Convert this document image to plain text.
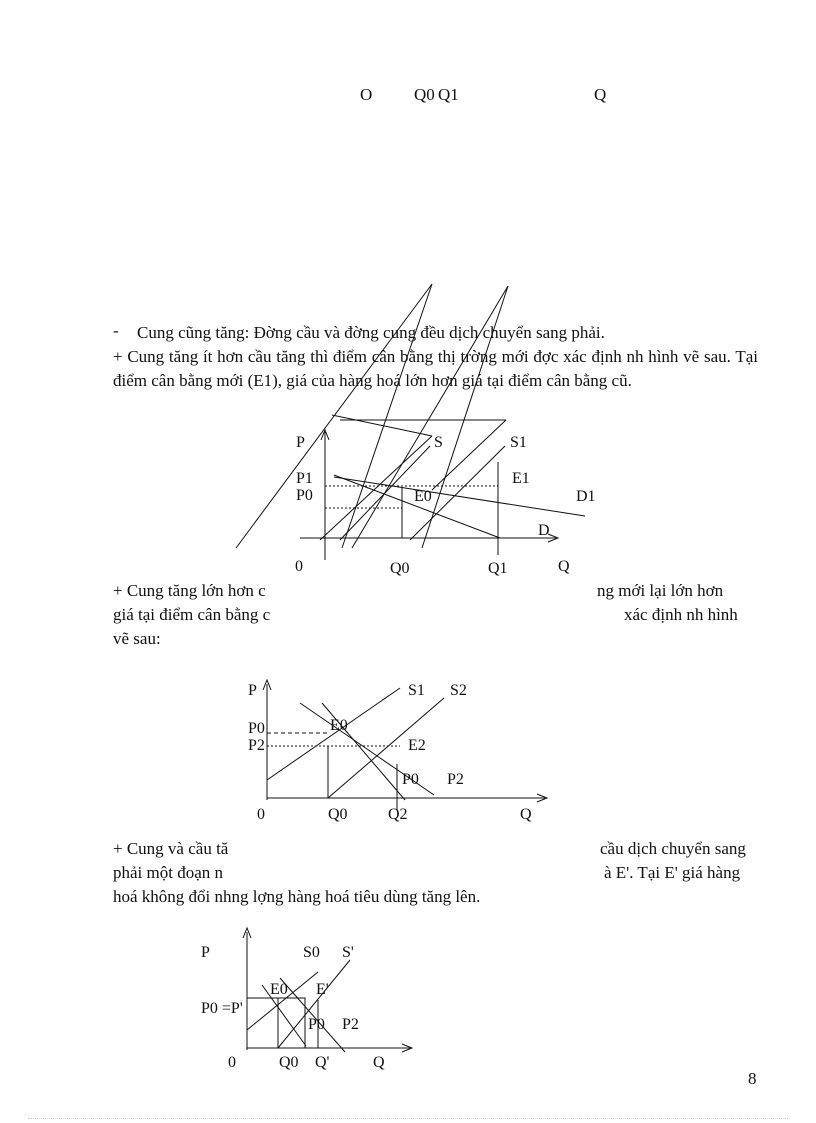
O Q0 Q1	Q
- Cung cũng tăng: Đờng cầu và đờng cung đều dịch chuyển sang phải.
+ Cung tăng ít hơn cầu tăng thì điểm cân bằng thị trờng mới đợc xác định nh hình vẽ sau. Tại điểm cân bằng mới (E1), giá của hàng hoá lớn hơn giá tại điểm cân bằng cũ.
P	S	S1
P1
P0
E1
E0	D1
D
0	Q0	Q1	Q
+ Cung tăng lớn hơn c	ng mới lại lớn hơn
giá tại điểm cân bằng c	xác định nh hình
vẽ sau:
P	S1 S2
P0	E0
P2	E2
P0 P2
0	Q0	Q2	Q
+ Cung và cầu tă	cầu dịch chuyển sang
phải một đoạn n	à E'. Tại E' giá hàng
hoá không đổi nhng lợng hàng hoá tiêu dùng tăng lên.
P	S0 S'
E0 E'
P0 =P'
P0 P2
0	Q0 Q'	Q
8
